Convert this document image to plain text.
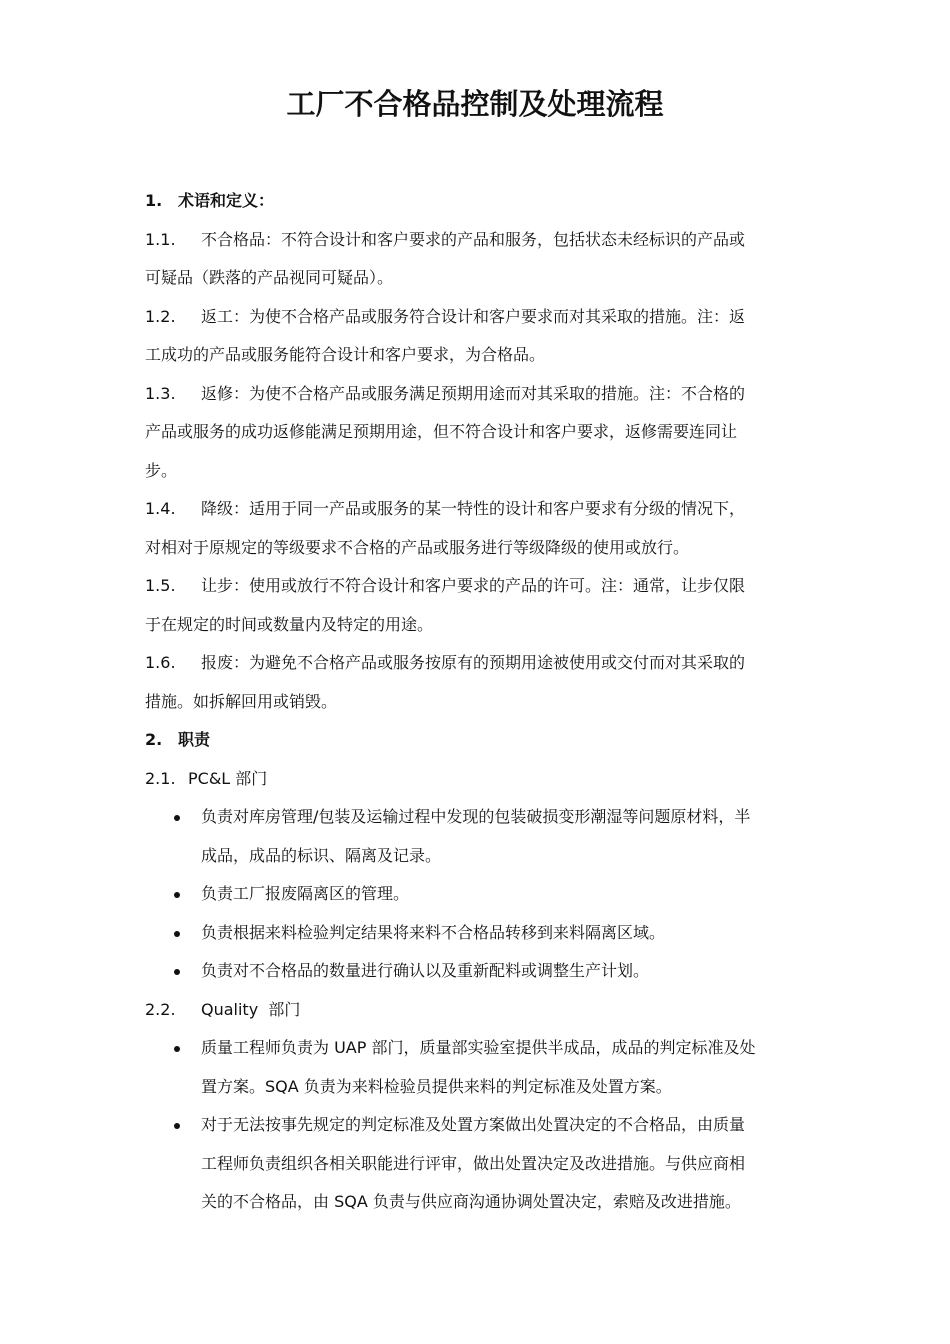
工厂不合格品控制及处理流程
1. 术语和定义：
1.1. 不合格品：不符合设计和客户要求的产品和服务，包括状态未经标识的产品或
可疑品（跌落的产品视同可疑品）。
1.2. 返工：为使不合格产品或服务符合设计和客户要求而对其采取的措施。注：返
工成功的产品或服务能符合设计和客户要求，为合格品。
1.3. 返修：为使不合格产品或服务满足预期用途而对其采取的措施。注：不合格的
产品或服务的成功返修能满足预期用途，但不符合设计和客户要求，返修需要连同让
步。
1.4. 降级：适用于同一产品或服务的某一特性的设计和客户要求有分级的情况下，
对相对于原规定的等级要求不合格的产品或服务进行等级降级的使用或放行。
1.5. 让步：使用或放行不符合设计和客户要求的产品的许可。注：通常，让步仅限
于在规定的时间或数量内及特定的用途。
1.6. 报废：为避免不合格产品或服务按原有的预期用途被使用或交付而对其采取的
措施。如拆解回用或销毁。
2. 职责
2.1. PC&L 部门
负责对库房管理/包装及运输过程中发现的包装破损变形潮湿等问题原材料，半
成品，成品的标识、隔离及记录。
负责工厂报废隔离区的管理。
负责根据来料检验判定结果将来料不合格品转移到来料隔离区域。
负责对不合格品的数量进行确认以及重新配料或调整生产计划。
2.2. Quality  部门
质量工程师负责为 UAP 部门，质量部实验室提供半成品，成品的判定标准及处
置方案。SQA 负责为来料检验员提供来料的判定标准及处置方案。
对于无法按事先规定的判定标准及处置方案做出处置决定的不合格品，由质量
工程师负责组织各相关职能进行评审，做出处置决定及改进措施。与供应商相
关的不合格品，由 SQA 负责与供应商沟通协调处置决定，索赔及改进措施。
